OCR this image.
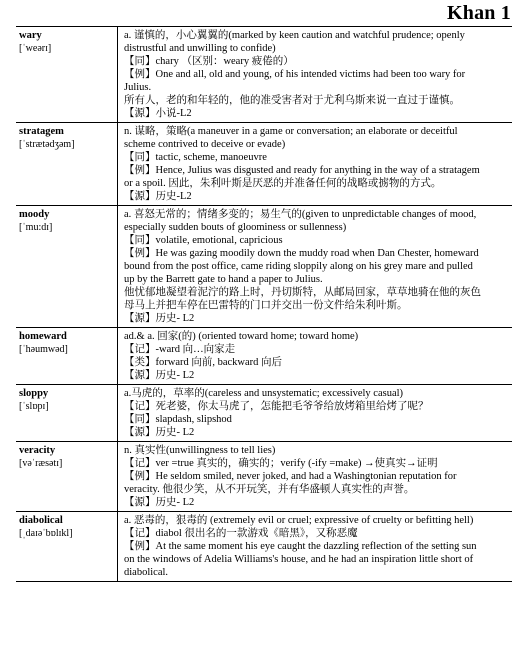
Khan 1
wary
[ˈweərɪ]
a. 谨慎的，小心翼翼的(marked by keen caution and watchful prudence; openly
distrustful and unwilling to confide)
【同】chary （区别：weary 疲倦的）
【例】One and all, old and young, of his intended victims had been too wary for
Julius.
所有人，老的和年轻的，他的准受害者对于尤利乌斯来说一直过于谨慎。
【源】小说-L2
stratagem
[ˈstrætədʒəm]
n. 谋略，策略(a maneuver in a game or conversation; an elaborate or deceitful
scheme contrived to deceive or evade)
【同】tactic, scheme, manoeuvre
【例】Hence, Julius was disgusted and ready for anything in the way of a stratagem
or a spoil. 因此，朱利叶斯是厌恶的并准备任何的战略或掳物的方式。
【源】历史-L2
moody
[ˈmu:dɪ]
a. 喜怒无常的；情绪多变的；易生气的(given to unpredictable changes of mood,
especially sudden bouts of gloominess or sullenness)
【同】volatile, emotional, capricious
【例】He was gazing moodily down the muddy road when Dan Chester, homeward
bound from the post office, came riding sloppily along on his grey mare and pulled
up by the Barrett gate to hand a paper to Julius.
他忧郁地凝望着泥泞的路上时，丹切斯特，从邮局回家，草草地骑在他的灰色
母马上并把车停在巴雷特的门口并交出一份文件给朱利叶斯。
【源】历史- L2
homeward
[ˈhəumwəd]
ad.& a. 回家(的) (oriented toward home; toward home)
【记】-ward 向…向家走
【类】forward 向前, backward 向后
【源】历史- L2
sloppy
[ˈslɒpɪ]
a.马虎的，草率的(careless and unsystematic; excessively casual)
【记】死老婆，你太马虎了，怎能把毛爷爷给放烤箱里给烤了呢？
【同】slapdash, slipshod
【源】历史- L2
veracity
[vəˈræsətɪ]
n. 真实性(unwillingness to tell lies)
【记】ver =true 真实的，确实的；verify (-ify =make) →使真实→证明
【例】He seldom smiled, never joked, and had a Washingtonian reputation for
veracity. 他很少笑，从不开玩笑，并有华盛顿人真实性的声誉。
【源】历史- L2
diabolical
[ˌdaɪəˈbɒlɪkl]
a. 恶毒的，狠毒的 (extremely evil or cruel; expressive of cruelty or befitting hell)
【记】diabol 很出名的一款游戏《暗黑》，又称恶魔
【例】At the same moment his eye caught the dazzling reflection of the setting sun
on the windows of Adelia Williams's house, and he had an inspiration little short of
diabolical.
